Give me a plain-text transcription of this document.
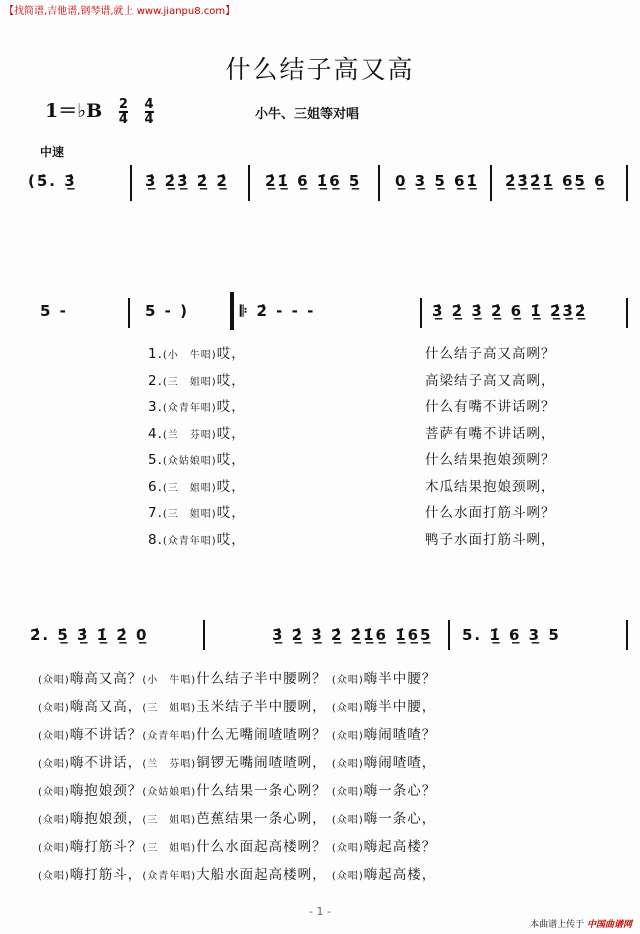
【找简谱,吉他谱,钢琴谱,就上 www.jianpu8.com】
什么结子高又高
1＝♭B $\frac{2}{4}$
$\frac{4}{4}$	小牛、三姐等对唱
中速
(5̇. 3̲̇	3̲̇ 2̲̇3̲̇ 2̲̇ 2̲̇ 2̲̇1̲̇ 6̲ 1̲̇6̲ 5̲ 0̲ 3̲ 5̲ 6̲1̲̇ 2̲̇3̲̇2̲̇1̲̇ 6̲5̲ 6̲
5 -	5 - )	𝄆 2̇ - - -	3̲̇ 2̲̇ 3̲̇ 2̲̇ 6̲ 1̲̇ 2̲̇3̲̇2̲̇
1.(小　牛唱)哎，	什么结子高又高咧？
2.(三　姐唱)哎，	高梁结子高又高咧，
3.(众青年唱)哎，	什么有嘴不讲话咧？
4.(兰　芬唱)哎，	菩萨有嘴不讲话咧，
5.(众姑娘唱)哎，	什么结果抱娘颈咧？
6.(三　姐唱)哎，	木瓜结果抱娘颈咧，
7.(三　姐唱)哎，	什么水面打筋斗咧？
8.(众青年唱)哎，	鸭子水面打筋斗咧，
2̇. 5̲̇ 3̲̇ 1̲̇ 2̲̇ 0̲	3̲̇ 2̲̇ 3̲̇ 2̲̇ 2̲̇1̲̇6̲ 1̲̇6̲5̲ 5. 1̲̇ 6̲ 3̲ 5
(众唱)嗨高又高？(小　牛唱)什么结子半中腰咧？ (众唱)嗨半中腰？
(众唱)嗨高又高，(三　姐唱)玉米结子半中腰咧， (众唱)嗨半中腰，
(众唱)嗨不讲话？(众青年唱)什么无嘴闹喳喳咧？ (众唱)嗨闹喳喳？
(众唱)嗨不讲话，(兰　芬唱)铜锣无嘴闹喳喳咧， (众唱)嗨闹喳喳，
(众唱)嗨抱娘颈？(众姑娘唱)什么结果一条心咧？ (众唱)嗨一条心？
(众唱)嗨抱娘颈，(三　姐唱)芭蕉结果一条心咧， (众唱)嗨一条心，
(众唱)嗨打筋斗？(三　姐唱)什么水面起高楼咧？ (众唱)嗨起高楼？
(众唱)嗨打筋斗，(众青年唱)大船水面起高楼咧， (众唱)嗨起高楼，
- 1 -
本曲谱上传于 中国曲谱网
